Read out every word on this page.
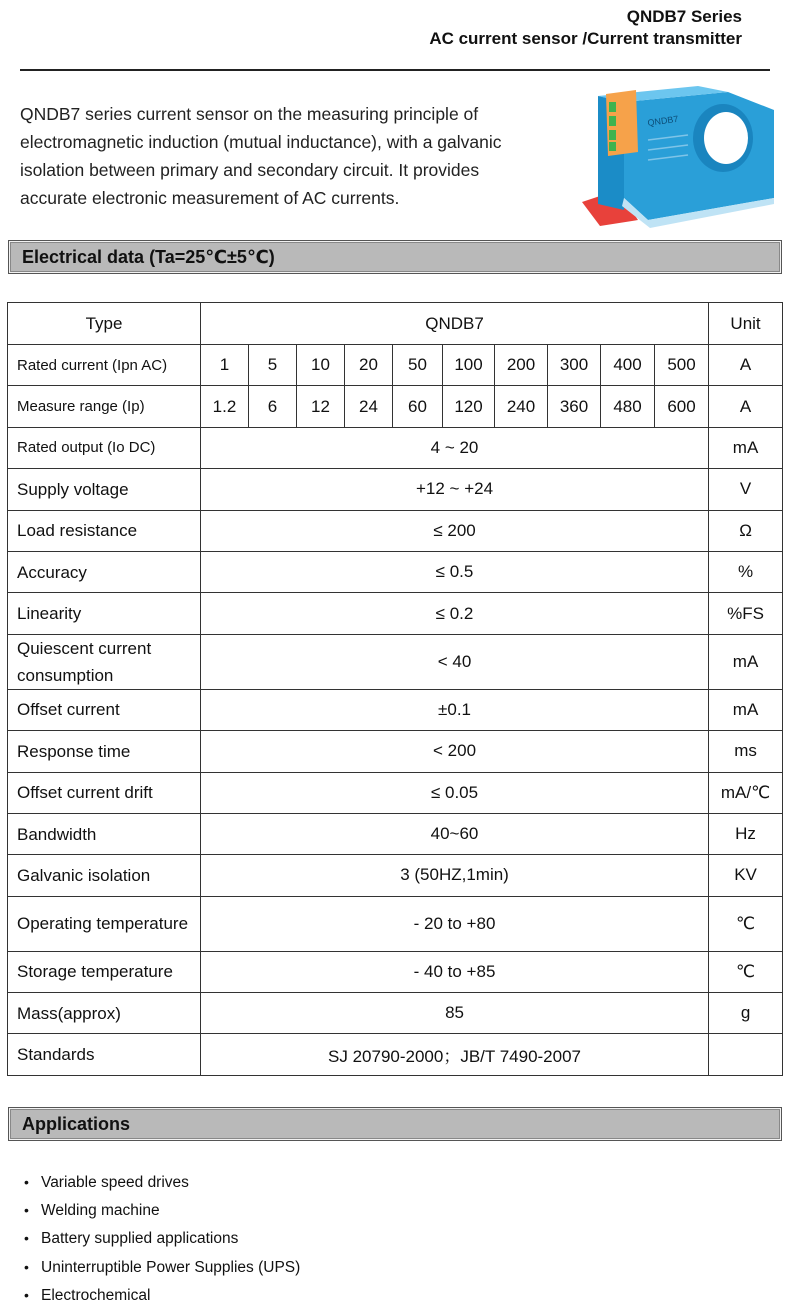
QNDB7 Series
AC current sensor /Current transmitter
QNDB7 series current sensor on the measuring principle of
electromagnetic induction (mutual inductance), with a galvanic
isolation between primary and secondary circuit. It provides
accurate electronic measurement of AC currents.
QNDB7
Electrical data (Ta=25℃±5℃)
Type	QNDB7										Unit
Rated current (Ipn AC)	1	5	10	20	50	100	200	300	400	500	A
Measure range (Ip)	1.2	6	12	24	60	120	240	360	480	600	A
Rated output (Io DC)	4 ~ 20										mA
Supply voltage	+12 ~ +24										V
Load resistance	≤ 200										Ω
Accuracy	≤ 0.5										%
Linearity	≤ 0.2										%FS
Quiescent current consumption	< 40										mA
Offset current	±0.1										mA
Response time	< 200										ms
Offset current drift	≤ 0.05										mA/℃
Bandwidth	40~60										Hz
Galvanic isolation	3 (50HZ,1min)										KV
Operating temperature	- 20 to +80										℃
Storage temperature	- 40 to +85										℃
Mass(approx)	85										g
Standards	SJ 20790-2000；JB/T 7490-2007										
Applications
• Variable speed drives
• Welding machine
• Battery supplied applications
• Uninterruptible Power Supplies (UPS)
• Electrochemical
